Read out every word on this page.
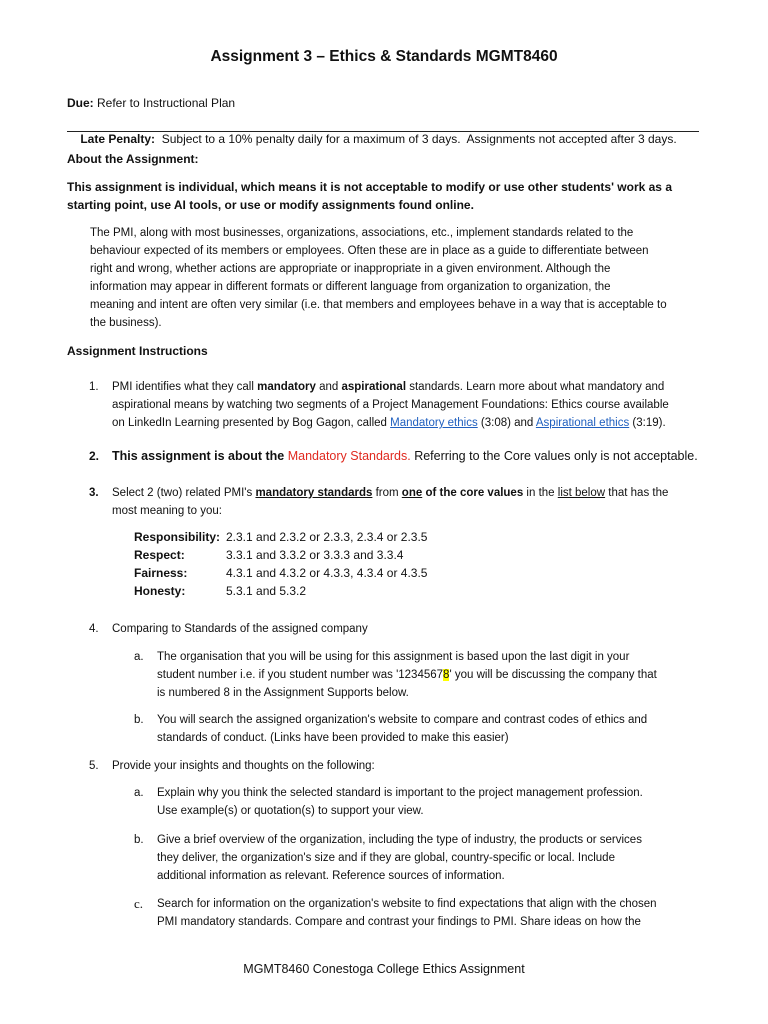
Assignment 3 – Ethics & Standards MGMT8460
Due: Refer to Instructional Plan

Late Penalty:  Subject to a 10% penalty daily for a maximum of 3 days.  Assignments not accepted after 3 days.

About the Assignment:
This assignment is individual, which means it is not acceptable to modify or use other students' work as a
starting point, use AI tools, or use or modify assignments found online.
The PMI, along with most businesses, organizations, associations, etc., implement standards related to the
behaviour expected of its members or employees. Often these are in place as a guide to differentiate between
right and wrong, whether actions are appropriate or inappropriate in a given environment. Although the
information may appear in different formats or different language from organization to organization, the
meaning and intent are often very similar (i.e. that members and employees behave in a way that is acceptable to
the business).
Assignment Instructions
1. PMI identifies what they call mandatory and aspirational standards. Learn more about what mandatory and
aspirational means by watching two segments of a Project Management Foundations: Ethics course available
on LinkedIn Learning presented by Bog Gagon, called Mandatory ethics (3:08) and Aspirational ethics (3:19).
2. This assignment is about the Mandatory Standards. Referring to the Core values only is not acceptable.
3. Select 2 (two) related PMI's mandatory standards from one of the core values in the list below that has the
most meaning to you:
Responsibility:	2.3.1 and 2.3.2 or 2.3.3, 2.3.4 or 2.3.5
Respect:	3.3.1 and 3.3.2 or 3.3.3 and 3.3.4
Fairness:	4.3.1 and 4.3.2 or 4.3.3, 4.3.4 or 4.3.5
Honesty:	5.3.1 and 5.3.2
4. Comparing to Standards of the assigned company
a. The organisation that you will be using for this assignment is based upon the last digit in your
student number i.e. if you student number was '12345678' you will be discussing the company that
is numbered 8 in the Assignment Supports below.
b. You will search the assigned organization's website to compare and contrast codes of ethics and
standards of conduct. (Links have been provided to make this easier)
5. Provide your insights and thoughts on the following:
a. Explain why you think the selected standard is important to the project management profession.
Use example(s) or quotation(s) to support your view.
b. Give a brief overview of the organization, including the type of industry, the products or services
they deliver, the organization's size and if they are global, country-specific or local. Include
additional information as relevant. Reference sources of information.
c. Search for information on the organization's website to find expectations that align with the chosen
PMI mandatory standards. Compare and contrast your findings to PMI. Share ideas on how the
MGMT8460 Conestoga College Ethics Assignment
